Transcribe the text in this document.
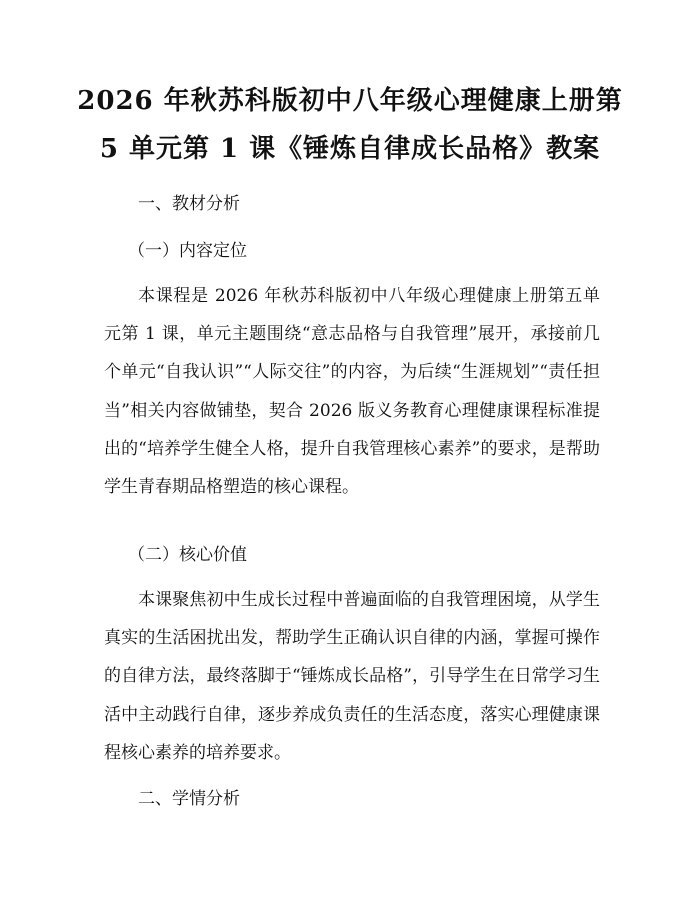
2026 年秋苏科版初中八年级心理健康上册第
5 单元第 1 课《锤炼自律成长品格》教案
一、教材分析
（一）内容定位

本课程是 2026 年秋苏科版初中八年级心理健康上册第五单元第 1 课，单元主题围绕“意志品格与自我管理”展开，承接前几个单元“自我认识”“人际交往”的内容，为后续“生涯规划”“责任担当”相关内容做铺垫，契合 2026 版义务教育心理健康课程标准提出的“培养学生健全人格，提升自我管理核心素养”的要求，是帮助学生青春期品格塑造的核心课程。

（二）核心价值

本课聚焦初中生成长过程中普遍面临的自我管理困境，从学生真实的生活困扰出发，帮助学生正确认识自律的内涵，掌握可操作的自律方法，最终落脚于“锤炼成长品格”，引导学生在日常学习生活中主动践行自律，逐步养成负责任的生活态度，落实心理健康课程核心素养的培养要求。

二、学情分析
